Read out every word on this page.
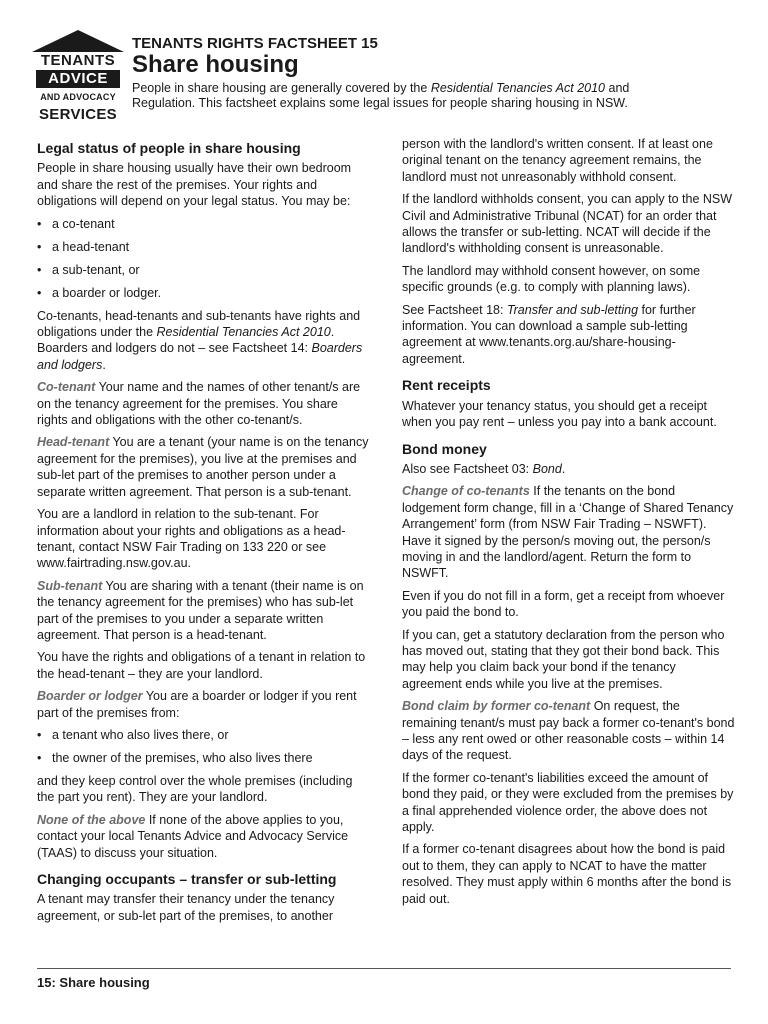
TENANTS
ADVICE
AND ADVOCACY
SERVICES
TENANTS RIGHTS FACTSHEET 15
Share housing
People in share housing are generally covered by the Residential Tenancies Act 2010 and Regulation. This factsheet explains some legal issues for people sharing housing in NSW.
Legal status of people in share housing

People in share housing usually have their own bedroom and share the rest of the premises. Your rights and obligations will depend on your legal status. You may be:

• a co-tenant
• a head-tenant
• a sub-tenant, or
• a boarder or lodger.

Co-tenants, head-tenants and sub-tenants have rights and obligations under the Residential Tenancies Act 2010. Boarders and lodgers do not – see Factsheet 14: Boarders and lodgers.

Co-tenant Your name and the names of other tenant/s are on the tenancy agreement for the premises. You share rights and obligations with the other co-tenant/s.

Head-tenant You are a tenant (your name is on the tenancy agreement for the premises), you live at the premises and sub-let part of the premises to another person under a separate written agreement. That person is a sub-tenant.

You are a landlord in relation to the sub-tenant. For information about your rights and obligations as a head-tenant, contact NSW Fair Trading on 133 220 or see www.fairtrading.nsw.gov.au.

Sub-tenant You are sharing with a tenant (their name is on the tenancy agreement for the premises) who has sub-let part of the premises to you under a separate written agreement. That person is a head-tenant.

You have the rights and obligations of a tenant in relation to the head-tenant – they are your landlord.

Boarder or lodger You are a boarder or lodger if you rent part of the premises from:

• a tenant who also lives there, or
• the owner of the premises, who also lives there

and they keep control over the whole premises (including the part you rent). They are your landlord.

None of the above If none of the above applies to you, contact your local Tenants Advice and Advocacy Service (TAAS) to discuss your situation.

Changing occupants – transfer or sub-letting

A tenant may transfer their tenancy under the tenancy agreement, or sub-let part of the premises, to another

person with the landlord's written consent. If at least one original tenant on the tenancy agreement remains, the landlord must not unreasonably withhold consent.

If the landlord withholds consent, you can apply to the NSW Civil and Administrative Tribunal (NCAT) for an order that allows the transfer or sub-letting. NCAT will decide if the landlord's withholding consent is unreasonable.

The landlord may withhold consent however, on some specific grounds (e.g. to comply with planning laws).

See Factsheet 18: Transfer and sub-letting for further information. You can download a sample sub-letting agreement at www.tenants.org.au/share-housing-agreement.

Rent receipts

Whatever your tenancy status, you should get a receipt when you pay rent – unless you pay into a bank account.

Bond money

Also see Factsheet 03: Bond.

Change of co-tenants If the tenants on the bond lodgement form change, fill in a ‘Change of Shared Tenancy Arrangement’ form (from NSW Fair Trading – NSWFT). Have it signed by the person/s moving out, the person/s moving in and the landlord/agent. Return the form to NSWFT.

Even if you do not fill in a form, get a receipt from whoever you paid the bond to.

If you can, get a statutory declaration from the person who has moved out, stating that they got their bond back. This may help you claim back your bond if the tenancy agreement ends while you live at the premises.

Bond claim by former co-tenant On request, the remaining tenant/s must pay back a former co-tenant's bond – less any rent owed or other reasonable costs – within 14 days of the request.

If the former co-tenant's liabilities exceed the amount of bond they paid, or they were excluded from the premises by a final apprehended violence order, the above does not apply.

If a former co-tenant disagrees about how the bond is paid out to them, they can apply to NCAT to have the matter resolved. They must apply within 6 months after the bond is paid out.

15: Share housing
